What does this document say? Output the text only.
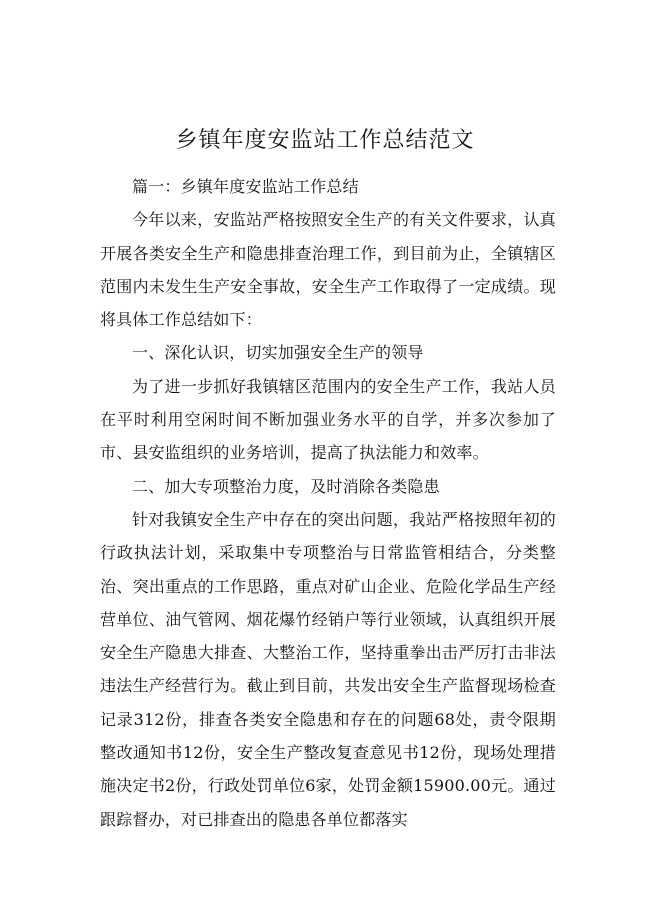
乡镇年度安监站工作总结范文

篇一：乡镇年度安监站工作总结

今年以来，安监站严格按照安全生产的有关文件要求，认真开展各类安全生产和隐患排查治理工作，到目前为止，全镇辖区范围内未发生生产安全事故，安全生产工作取得了一定成绩。现将具体工作总结如下：

一、深化认识，切实加强安全生产的领导

为了进一步抓好我镇辖区范围内的安全生产工作，我站人员在平时利用空闲时间不断加强业务水平的自学，并多次参加了市、县安监组织的业务培训，提高了执法能力和效率。

二、加大专项整治力度，及时消除各类隐患

针对我镇安全生产中存在的突出问题，我站严格按照年初的行政执法计划，采取集中专项整治与日常监管相结合，分类整治、突出重点的工作思路，重点对矿山企业、危险化学品生产经营单位、油气管网、烟花爆竹经销户等行业领域，认真组织开展安全生产隐患大排查、大整治工作，坚持重拳出击严厉打击非法违法生产经营行为。截止到目前，共发出安全生产监督现场检查记录312份，排查各类安全隐患和存在的问题68处，责令限期整改通知书12份，安全生产整改复查意见书12份，现场处理措施决定书2份，行政处罚单位6家，处罚金额15900.00元。通过跟踪督办，对已排查出的隐患各单位都落实
